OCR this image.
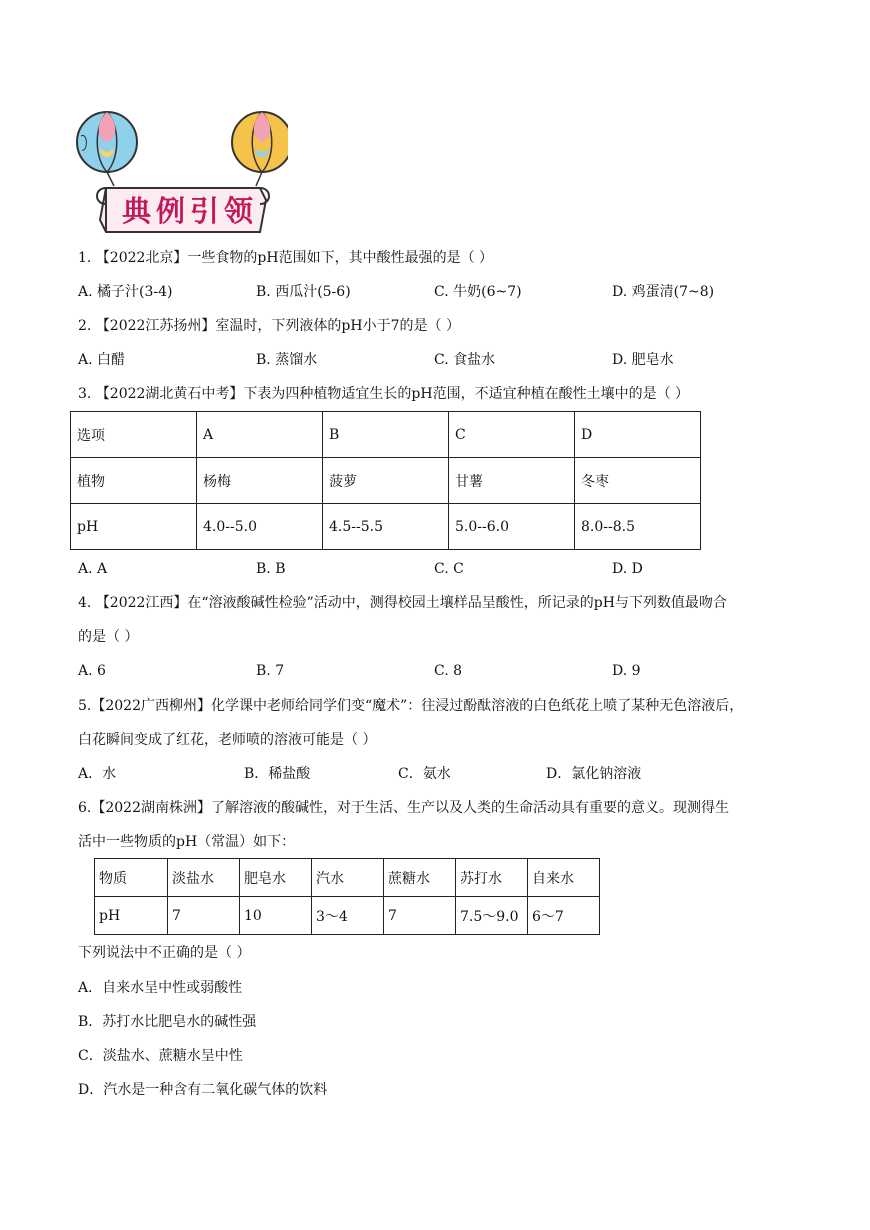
典例引领
1. 【2022北京】一些食物的pH范围如下，其中酸性最强的是（ ）
A. 橘子汁(3-4)	B. 西瓜汁(5-6)	C. 牛奶(6~7)	D. 鸡蛋清(7~8)
2. 【2022江苏扬州】室温时，下列液体的pH小于7的是（ ）
A. 白醋	B. 蒸馏水	C. 食盐水	D. 肥皂水
3. 【2022湖北黄石中考】下表为四种植物适宜生长的pH范围，不适宜种植在酸性土壤中的是（ ）
选项	A	B	C	D
植物	杨梅	菠萝	甘薯	冬枣
pH	4.0--5.0	4.5--5.5	5.0--6.0	8.0--8.5
A. A	B. B	C. C	D. D
4. 【2022江西】在“溶液酸碱性检验”活动中，测得校园土壤样品呈酸性，所记录的pH与下列数值最吻合
的是（ ）
A. 6	B. 7	C. 8	D. 9
5.【2022广西柳州】化学课中老师给同学们变“魔术”：往浸过酚酞溶液的白色纸花上喷了某种无色溶液后，
白花瞬间变成了红花，老师喷的溶液可能是（ ）
A．水	B．稀盐酸	C．氨水	D．氯化钠溶液
6.【2022湖南株洲】了解溶液的酸碱性，对于生活、生产以及人类的生命活动具有重要的意义。现测得生
活中一些物质的pH（常温）如下：
物质	淡盐水	肥皂水	汽水	蔗糖水	苏打水	自来水
pH	7	10	3～4	7	7.5～9.0	6～7
下列说法中不正确的是（ ）
A．自来水呈中性或弱酸性
B．苏打水比肥皂水的碱性强
C．淡盐水、蔗糖水呈中性
D．汽水是一种含有二氧化碳气体的饮料
